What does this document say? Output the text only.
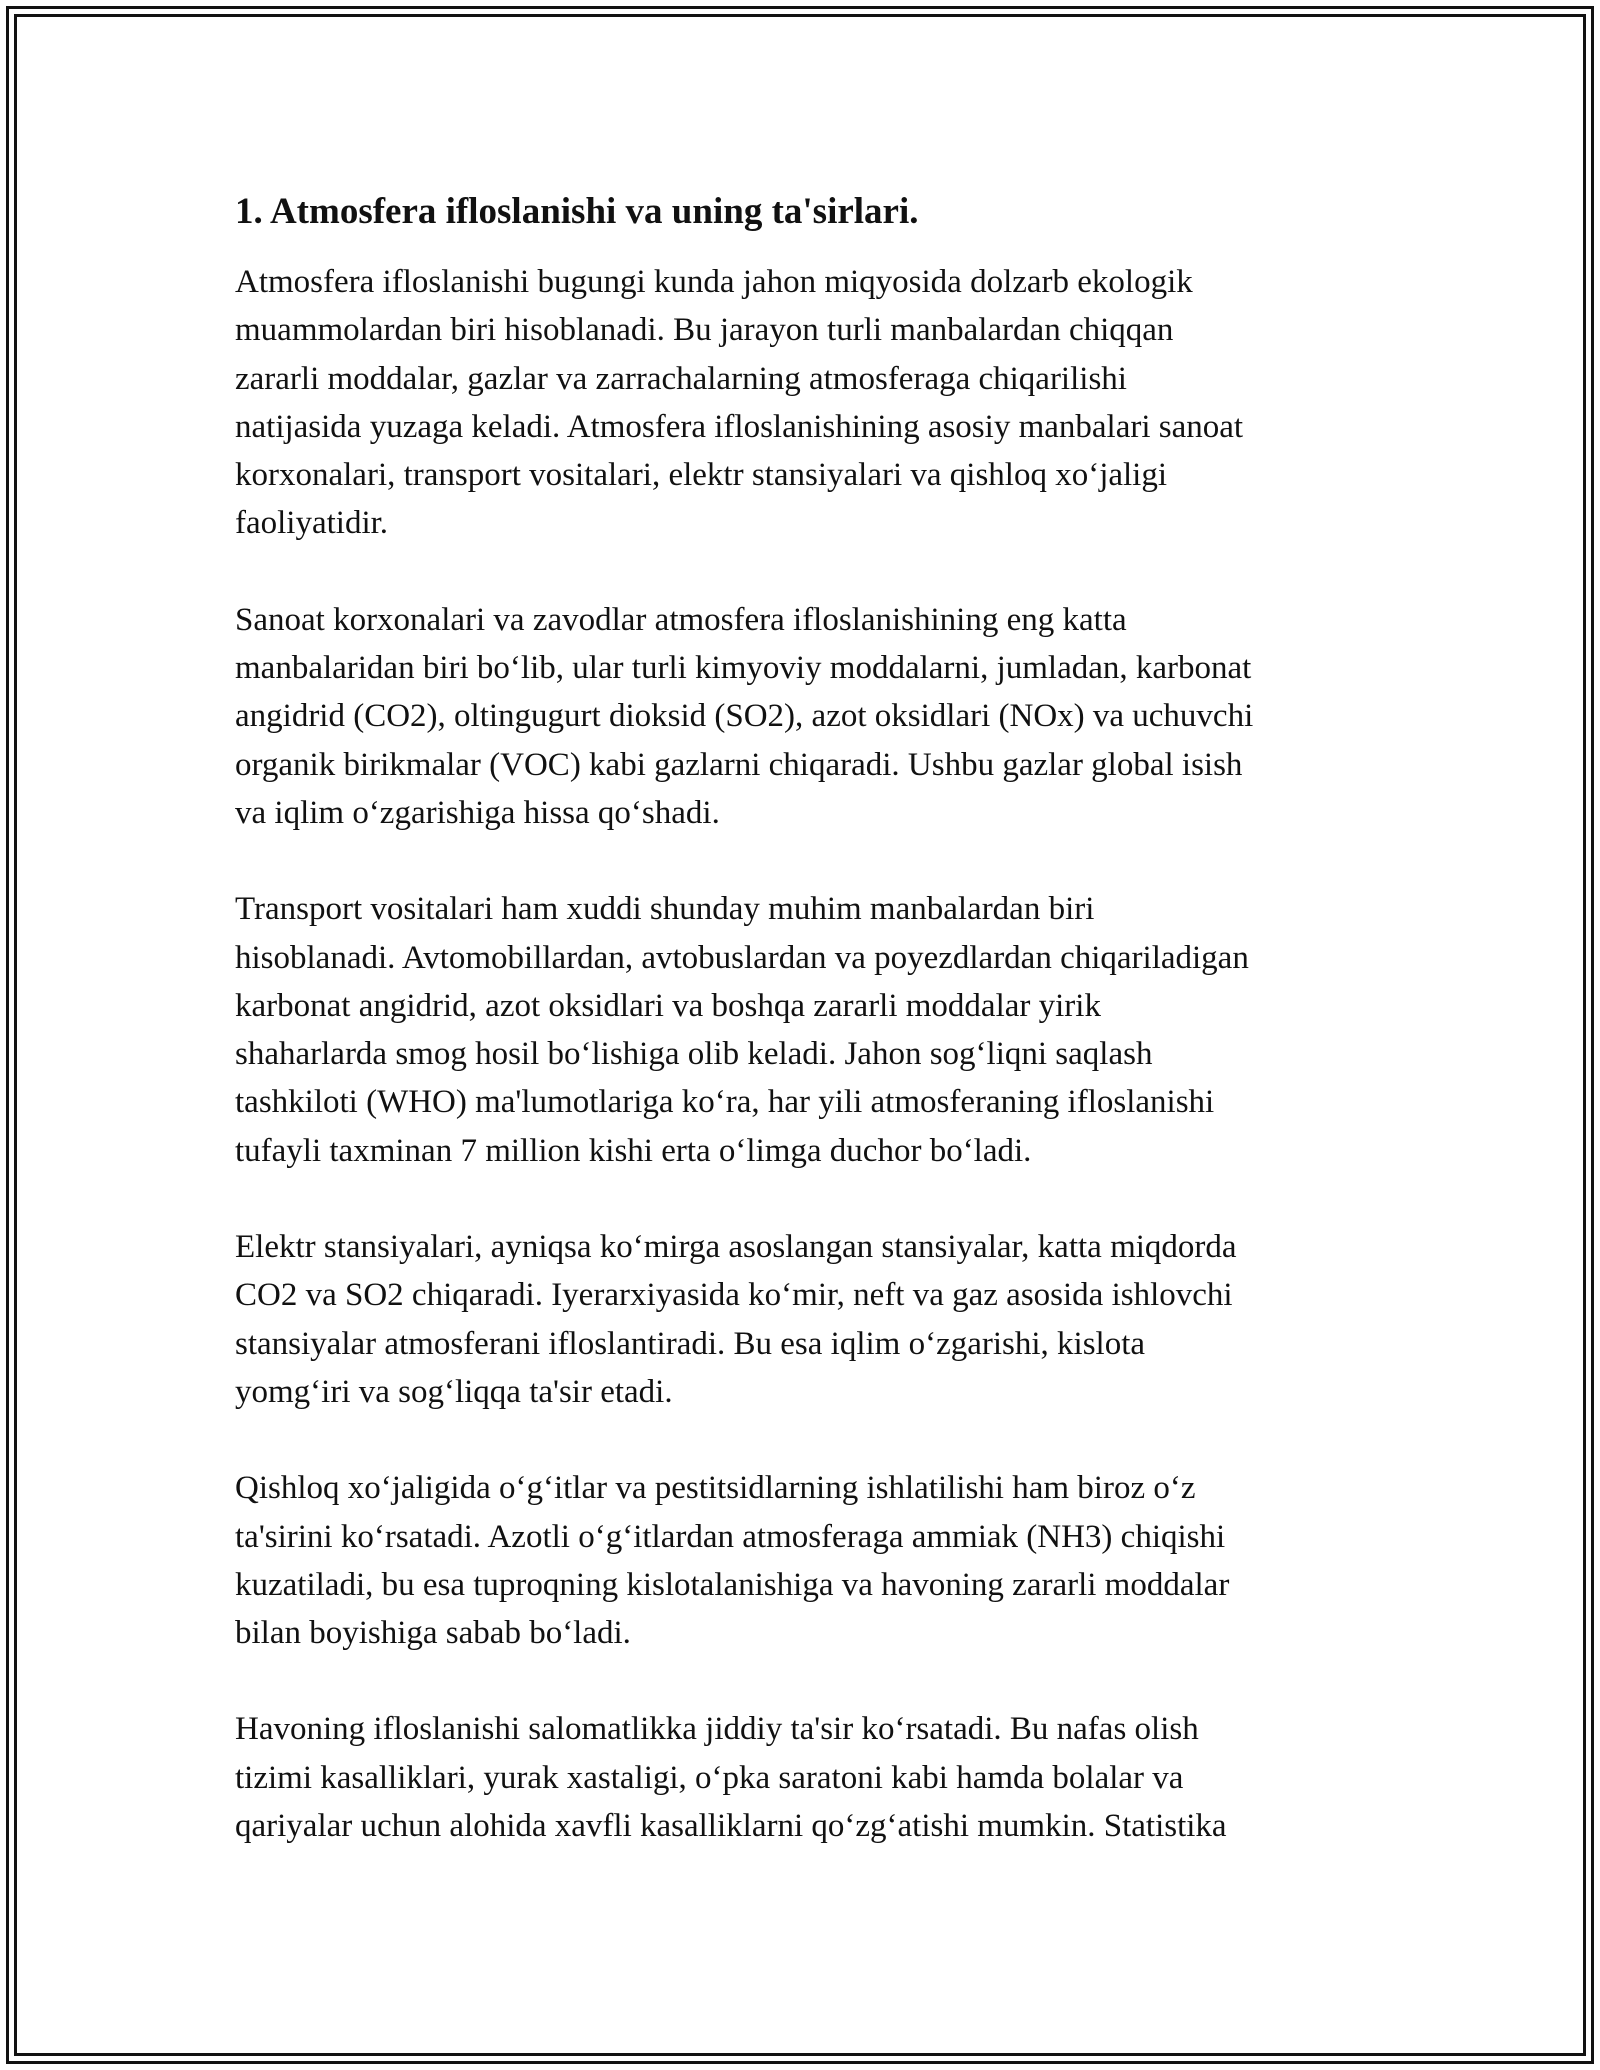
1. Atmosfera ifloslanishi va uning ta'sirlari.

Atmosfera ifloslanishi bugungi kunda jahon miqyosida dolzarb ekologik
muammolardan biri hisoblanadi. Bu jarayon turli manbalardan chiqqan
zararli moddalar, gazlar va zarrachalarning atmosferaga chiqarilishi
natijasida yuzaga keladi. Atmosfera ifloslanishining asosiy manbalari sanoat
korxonalari, transport vositalari, elektr stansiyalari va qishloq xo‘jaligi
faoliyatidir.

Sanoat korxonalari va zavodlar atmosfera ifloslanishining eng katta
manbalaridan biri bo‘lib, ular turli kimyoviy moddalarni, jumladan, karbonat
angidrid (CO2), oltingugurt dioksid (SO2), azot oksidlari (NOx) va uchuvchi
organik birikmalar (VOC) kabi gazlarni chiqaradi. Ushbu gazlar global isish
va iqlim o‘zgarishiga hissa qo‘shadi.

Transport vositalari ham xuddi shunday muhim manbalardan biri
hisoblanadi. Avtomobillardan, avtobuslardan va poyezdlardan chiqariladigan
karbonat angidrid, azot oksidlari va boshqa zararli moddalar yirik
shaharlarda smog hosil bo‘lishiga olib keladi. Jahon sog‘liqni saqlash
tashkiloti (WHO) ma'lumotlariga ko‘ra, har yili atmosferaning ifloslanishi
tufayli taxminan 7 million kishi erta o‘limga duchor bo‘ladi.

Elektr stansiyalari, ayniqsa ko‘mirga asoslangan stansiyalar, katta miqdorda
CO2 va SO2 chiqaradi. Iyerarxiyasida ko‘mir, neft va gaz asosida ishlovchi
stansiyalar atmosferani ifloslantiradi. Bu esa iqlim o‘zgarishi, kislota
yomg‘iri va sog‘liqqa ta'sir etadi.

Qishloq xo‘jaligida o‘g‘itlar va pestitsidlarning ishlatilishi ham biroz o‘z
ta'sirini ko‘rsatadi. Azotli o‘g‘itlardan atmosferaga ammiak (NH3) chiqishi
kuzatiladi, bu esa tuproqning kislotalanishiga va havoning zararli moddalar
bilan boyishiga sabab bo‘ladi.

Havoning ifloslanishi salomatlikka jiddiy ta'sir ko‘rsatadi. Bu nafas olish
tizimi kasalliklari, yurak xastaligi, o‘pka saratoni kabi hamda bolalar va
qariyalar uchun alohida xavfli kasalliklarni qo‘zg‘atishi mumkin. Statistika
